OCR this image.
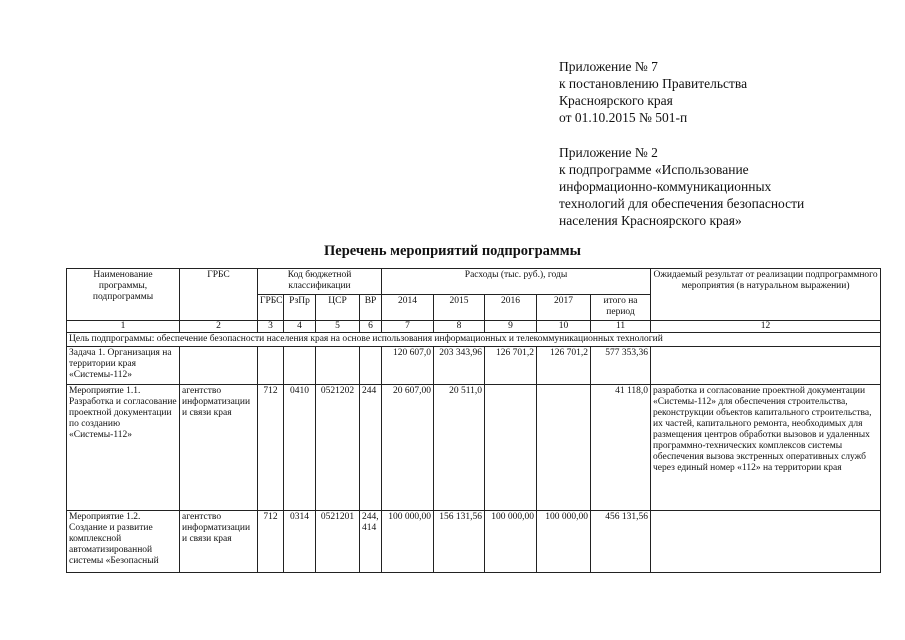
Приложение № 7
к постановлению Правительства
Красноярского края
от 01.10.2015 № 501-п
Приложение № 2
к подпрограмме «Использование
информационно-коммуникационных
технологий для обеспечения безопасности
населения Красноярского края»
Перечень мероприятий подпрограммы
Наименование программы, подпрограммы	ГРБС	Код бюджетной классификации				Расходы (тыс. руб.), годы					Ожидаемый результат от реализации подпрограммного мероприятия (в натуральном выражении)
		ГРБС	РзПр	ЦСР	ВР	2014	2015	2016	2017	итого на период	
1	2	3	4	5	6	7	8	9	10	11	12
Цель подпрограммы: обеспечение безопасности населения края на основе использования информационных и телекоммуникационных технологий											
Задача 1. Организация на территории края «Системы-112»						120 607,0	203 343,96	126 701,2	126 701,2	577 353,36	
Мероприятие 1.1. Разработка и согласование проектной документации по созданию «Системы-112»	агентство информатизации и связи края	712	0410	0521202	244	20 607,00	20 511,0			41 118,0	разработка и согласование проектной документации «Системы-112» для обеспечения строительства, реконструкции объектов капитального строительства, их частей, капитального ремонта, необходимых для размещения центров обработки вызовов и удаленных программно-технических комплексов системы обеспечения вызова экстренных оперативных служб через единый номер «112» на территории края
Мероприятие 1.2. Создание и развитие комплексной автоматизированной системы «Безопасный	агентство информатизации и связи края	712	0314	0521201	244, 414	100 000,00	156 131,56	100 000,00	100 000,00	456 131,56	
